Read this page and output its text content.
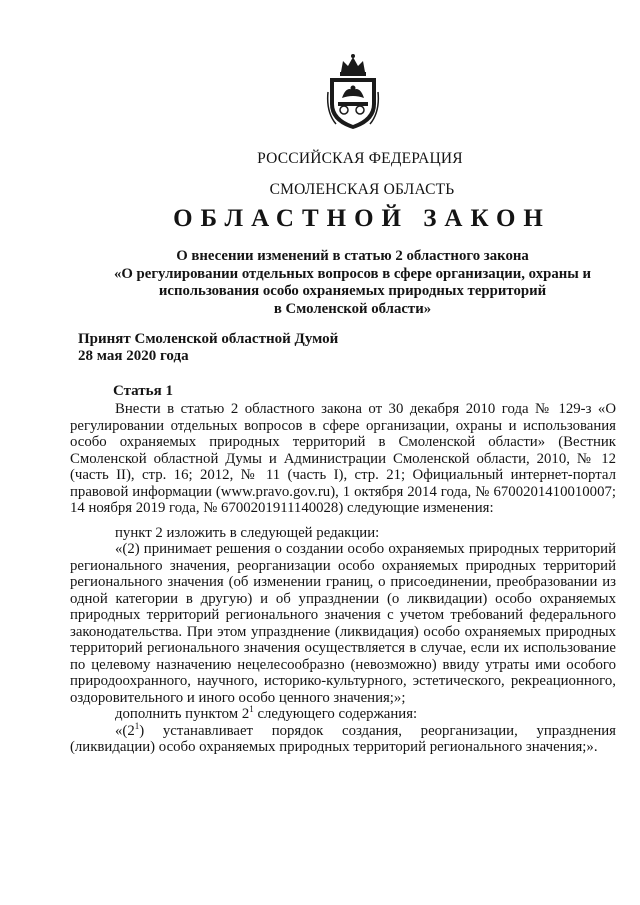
РОССИЙСКАЯ ФЕДЕРАЦИЯ
СМОЛЕНСКАЯ ОБЛАСТЬ
ОБЛАСТНОЙ ЗАКОН
О внесении изменений в статью 2 областного закона
«О регулировании отдельных вопросов в сфере организации, охраны и
использования особо охраняемых природных территорий
в Смоленской области»
Принят Смоленской областной Думой
28 мая 2020 года
Статья 1

Внести в статью 2 областного закона от 30 декабря 2010 года № 129-з «О регулировании отдельных вопросов в сфере организации, охраны и использования особо охраняемых природных территорий в Смоленской области» (Вестник Смоленской областной Думы и Администрации Смоленской области, 2010, № 12 (часть II), стр. 16; 2012, № 11 (часть I), стр. 21; Официальный интернет-портал правовой информации (www.pravo.gov.ru), 1 октября 2014 года, № 6700201410010007; 14 ноября 2019 года, № 6700201911140028) следующие изменения:

пункт 2 изложить в следующей редакции:

«(2) принимает решения о создании особо охраняемых природных территорий регионального значения, реорганизации особо охраняемых природных территорий регионального значения (об изменении границ, о присоединении, преобразовании из одной категории в другую) и об упразднении (о ликвидации) особо охраняемых природных территорий регионального значения с учетом требований федерального законодательства. При этом упразднение (ликвидация) особо охраняемых природных территорий регионального значения осуществляется в случае, если их использование по целевому назначению нецелесообразно (невозможно) ввиду утраты ими особого природоохранного, научного, историко-культурного, эстетического, рекреационного, оздоровительного и иного особо ценного значения;»;

дополнить пунктом $2^1$ следующего содержания:

«$(2^1)$ устанавливает порядок создания, реорганизации, упразднения (ликвидации) особо охраняемых природных территорий регионального значения;».
